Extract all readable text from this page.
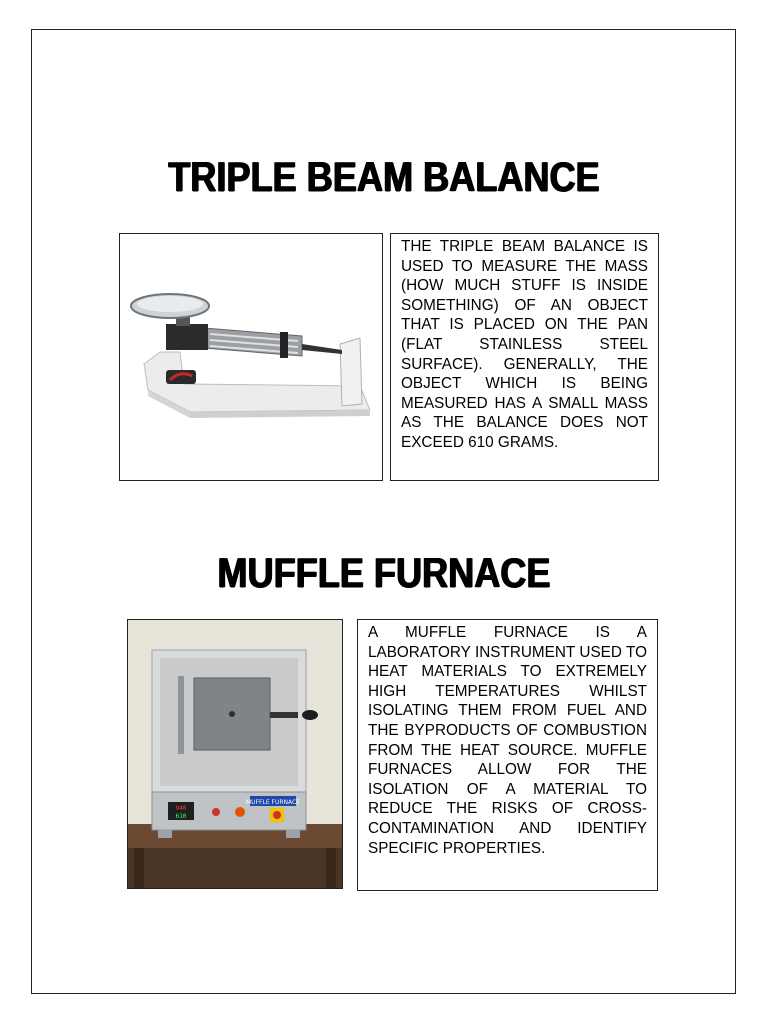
TRIPLE BEAM BALANCE

THE TRIPLE BEAM BALANCE IS USED TO MEASURE THE MASS (HOW MUCH STUFF IS INSIDE SOMETHING) OF AN OBJECT THAT IS PLACED ON THE PAN (FLAT STAINLESS STEEL SURFACE). GENERALLY, THE OBJECT WHICH IS BEING MEASURED HAS A SMALL MASS AS THE BALANCE DOES NOT EXCEED 610 GRAMS.

MUFFLE FURNACE
940
610
MUFFLE FURNACE

A MUFFLE FURNACE IS A LABORATORY INSTRUMENT USED TO HEAT MATERIALS TO EXTREMELY HIGH TEMPERATURES WHILST ISOLATING THEM FROM FUEL AND THE BYPRODUCTS OF COMBUSTION FROM THE HEAT SOURCE. MUFFLE FURNACES ALLOW FOR THE ISOLATION OF A MATERIAL TO REDUCE THE RISKS OF CROSS-CONTAMINATION AND IDENTIFY SPECIFIC PROPERTIES.
